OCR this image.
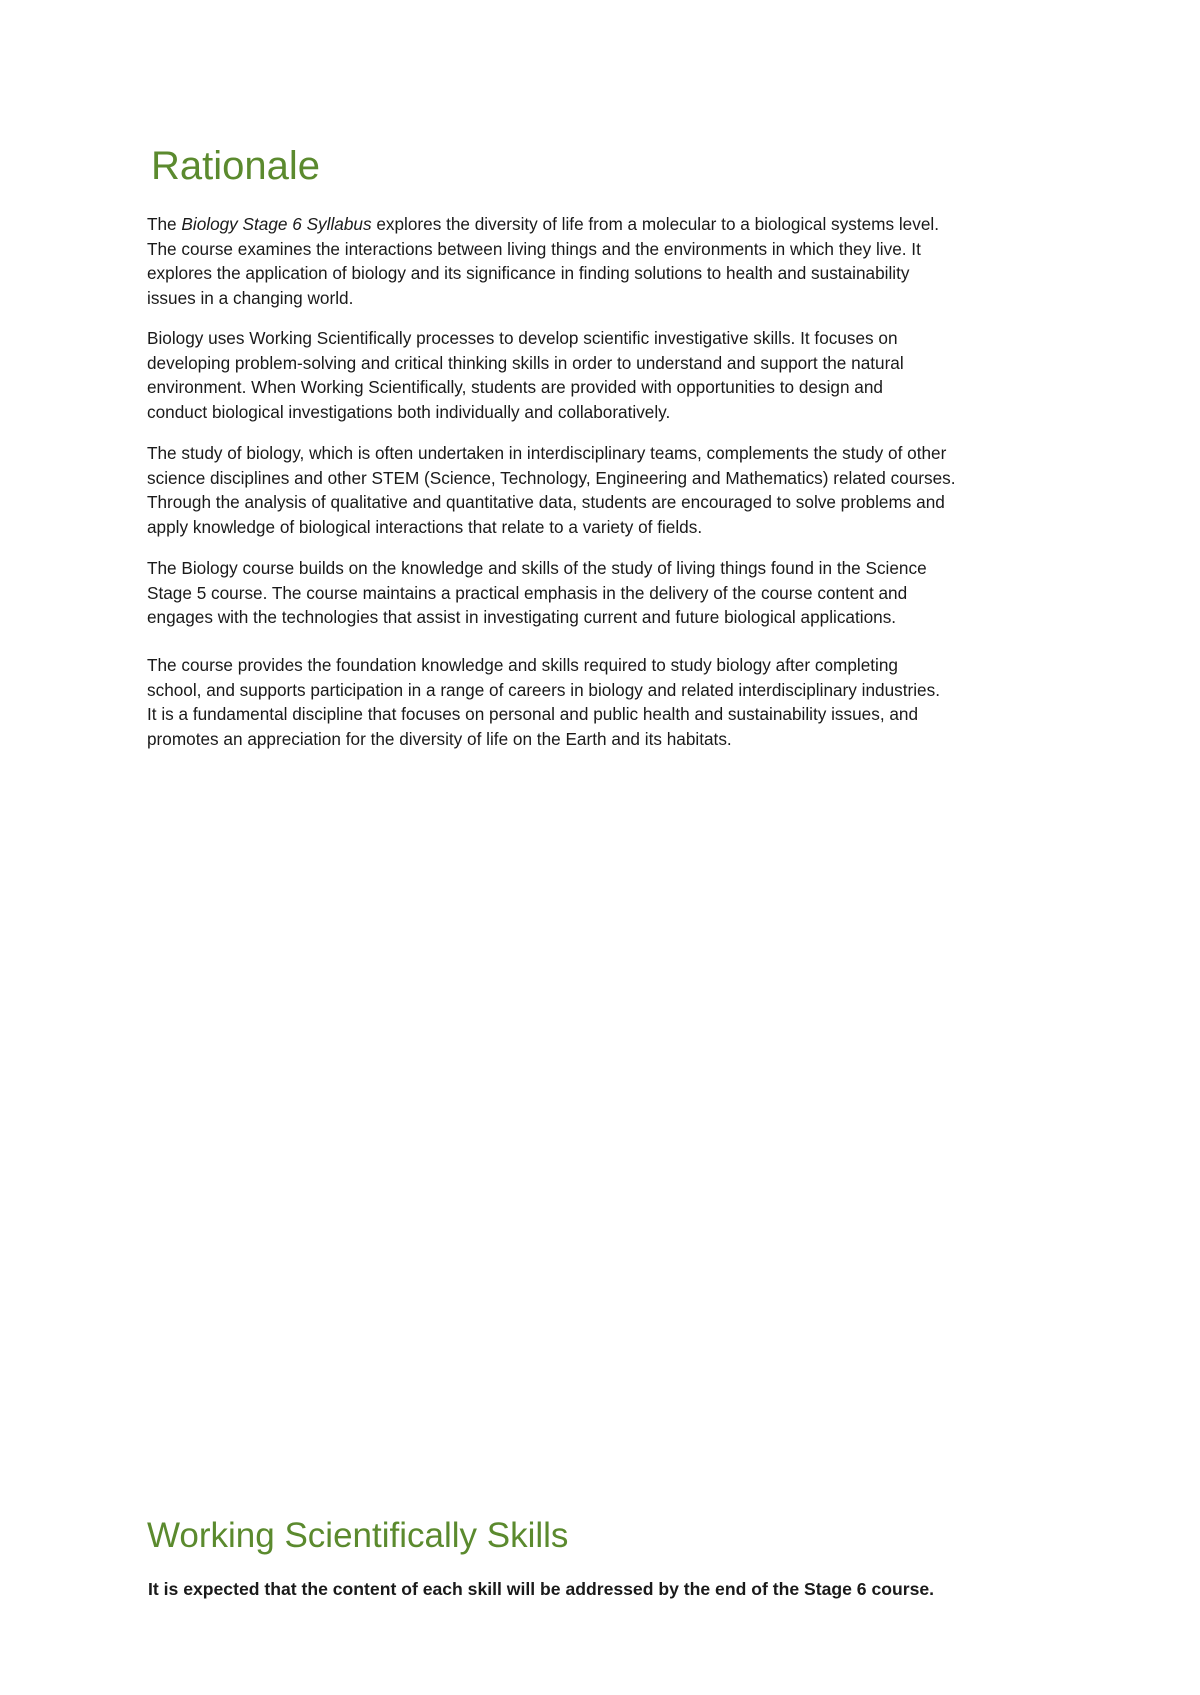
Rationale

The Biology Stage 6 Syllabus explores the diversity of life from a molecular to a biological systems level.
The course examines the interactions between living things and the environments in which they live. It
explores the application of biology and its significance in finding solutions to health and sustainability
issues in a changing world.

Biology uses Working Scientifically processes to develop scientific investigative skills. It focuses on
developing problem-solving and critical thinking skills in order to understand and support the natural
environment. When Working Scientifically, students are provided with opportunities to design and
conduct biological investigations both individually and collaboratively.

The study of biology, which is often undertaken in interdisciplinary teams, complements the study of other
science disciplines and other STEM (Science, Technology, Engineering and Mathematics) related courses.
Through the analysis of qualitative and quantitative data, students are encouraged to solve problems and
apply knowledge of biological interactions that relate to a variety of fields.

The Biology course builds on the knowledge and skills of the study of living things found in the Science
Stage 5 course. The course maintains a practical emphasis in the delivery of the course content and
engages with the technologies that assist in investigating current and future biological applications.

The course provides the foundation knowledge and skills required to study biology after completing
school, and supports participation in a range of careers in biology and related interdisciplinary industries.
It is a fundamental discipline that focuses on personal and public health and sustainability issues, and
promotes an appreciation for the diversity of life on the Earth and its habitats.

Working Scientifically Skills

It is expected that the content of each skill will be addressed by the end of the Stage 6 course.
